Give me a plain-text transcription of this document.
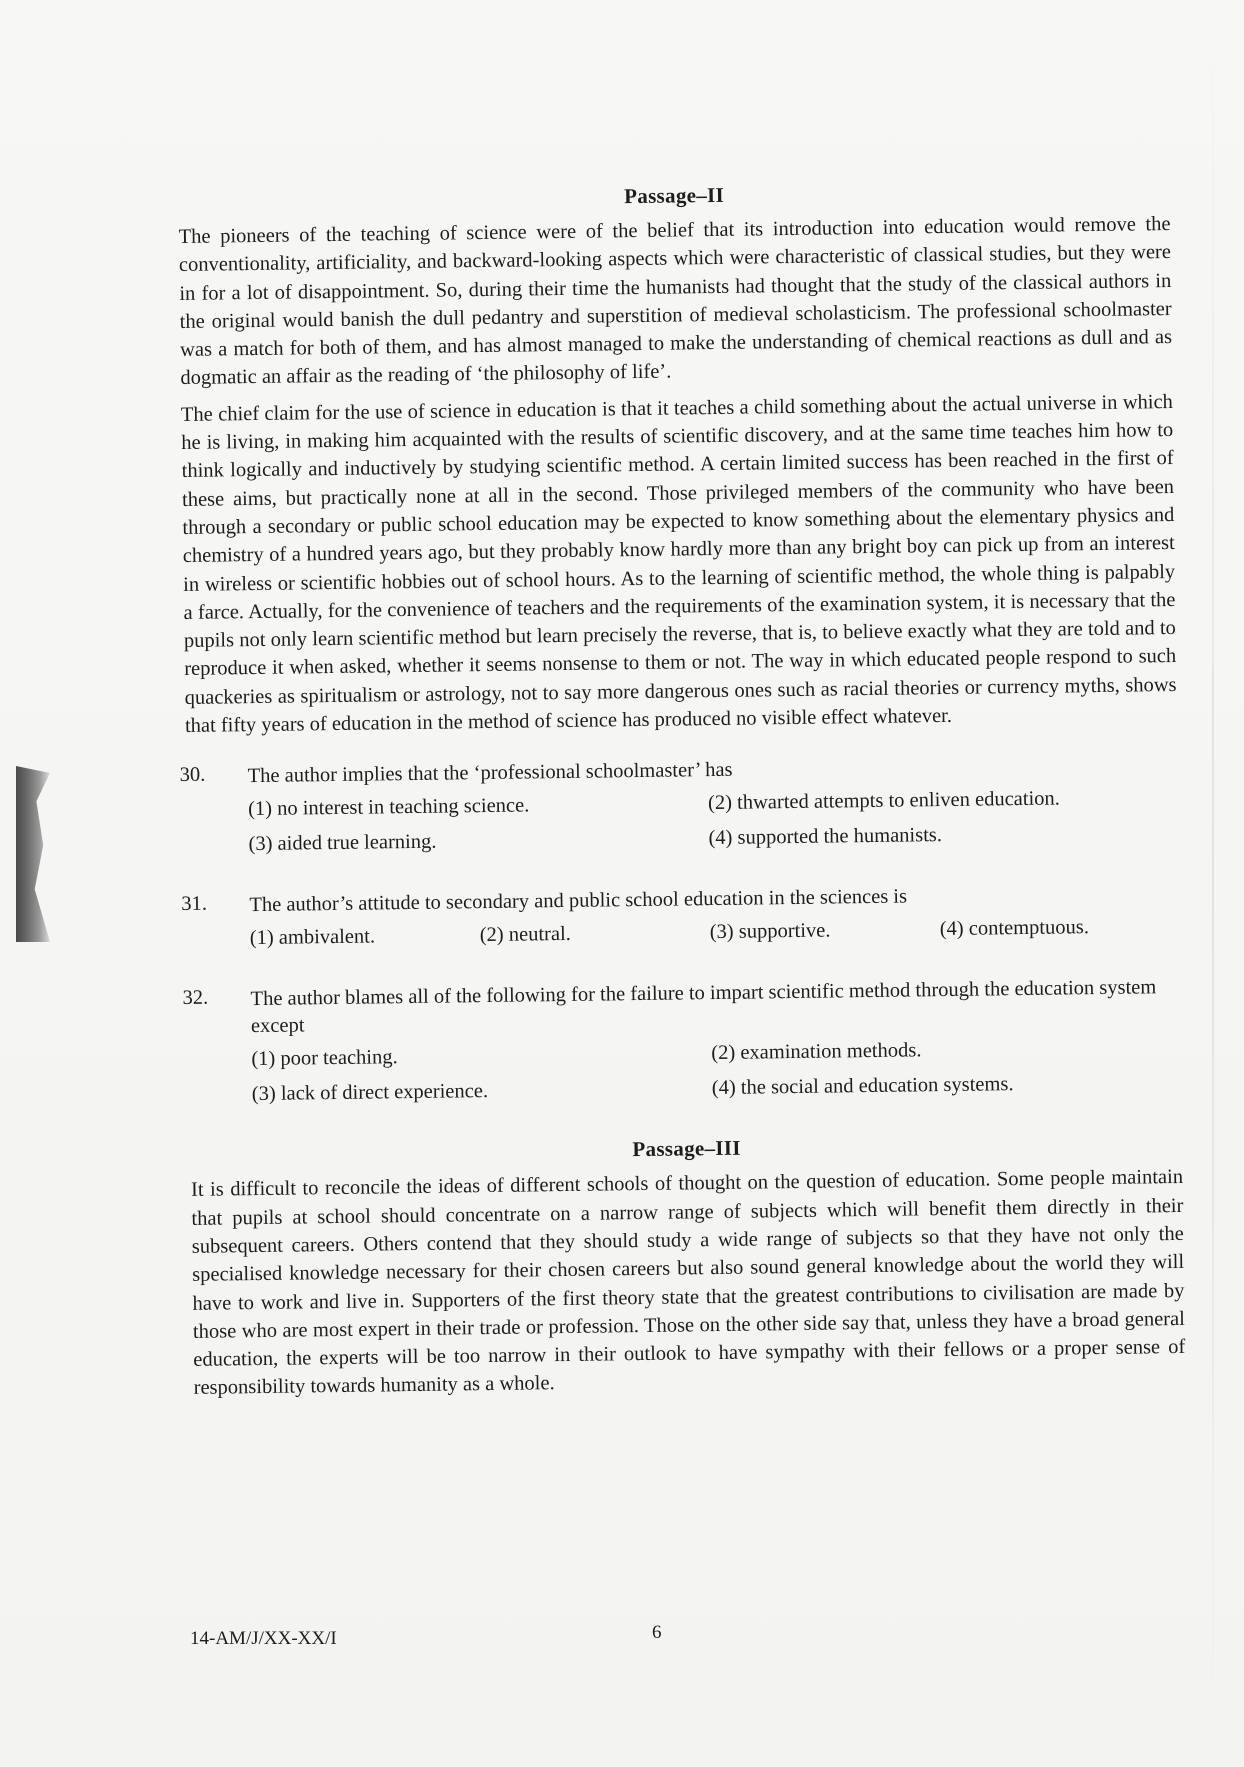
Passage–II

The pioneers of the teaching of science were of the belief that its introduction into education would remove the conventionality, artificiality, and backward-looking aspects which were characteristic of classical studies, but they were in for a lot of disappointment. So, during their time the humanists had thought that the study of the classical authors in the original would banish the dull pedantry and superstition of medieval scholasticism. The professional schoolmaster was a match for both of them, and has almost managed to make the understanding of chemical reactions as dull and as dogmatic an affair as the reading of ‘the philosophy of life’.

The chief claim for the use of science in education is that it teaches a child something about the actual universe in which he is living, in making him acquainted with the results of scientific discovery, and at the same time teaches him how to think logically and inductively by studying scientific method. A certain limited success has been reached in the first of these aims, but practically none at all in the second. Those privileged members of the community who have been through a secondary or public school education may be expected to know something about the elementary physics and chemistry of a hundred years ago, but they probably know hardly more than any bright boy can pick up from an interest in wireless or scientific hobbies out of school hours. As to the learning of scientific method, the whole thing is palpably a farce. Actually, for the convenience of teachers and the requirements of the examination system, it is necessary that the pupils not only learn scientific method but learn precisely the reverse, that is, to believe exactly what they are told and to reproduce it when asked, whether it seems nonsense to them or not. The way in which educated people respond to such quackeries as spiritualism or astrology, not to say more dangerous ones such as racial theories or currency myths, shows that fifty years of education in the method of science has produced no visible effect whatever.

30. The author implies that the ‘professional schoolmaster’ has
(1) no interest in teaching science.	(2) thwarted attempts to enliven education.
(3) aided true learning.	(4) supported the humanists.
31. The author’s attitude to secondary and public school education in the sciences is
(1) ambivalent.	(2) neutral.	(3) supportive.	(4) contemptuous.
32. The author blames all of the following for the failure to impart scientific method through the education system except
(1) poor teaching.	(2) examination methods.
(3) lack of direct experience.	(4) the social and education systems.
Passage–III

It is difficult to reconcile the ideas of different schools of thought on the question of education. Some people maintain that pupils at school should concentrate on a narrow range of subjects which will benefit them directly in their subsequent careers. Others contend that they should study a wide range of subjects so that they have not only the specialised knowledge necessary for their chosen careers but also sound general knowledge about the world they will have to work and live in. Supporters of the first theory state that the greatest contributions to civilisation are made by those who are most expert in their trade or profession. Those on the other side say that, unless they have a broad general education, the experts will be too narrow in their outlook to have sympathy with their fellows or a proper sense of responsibility towards humanity as a whole.

14-AM/J/XX-XX/I	6
